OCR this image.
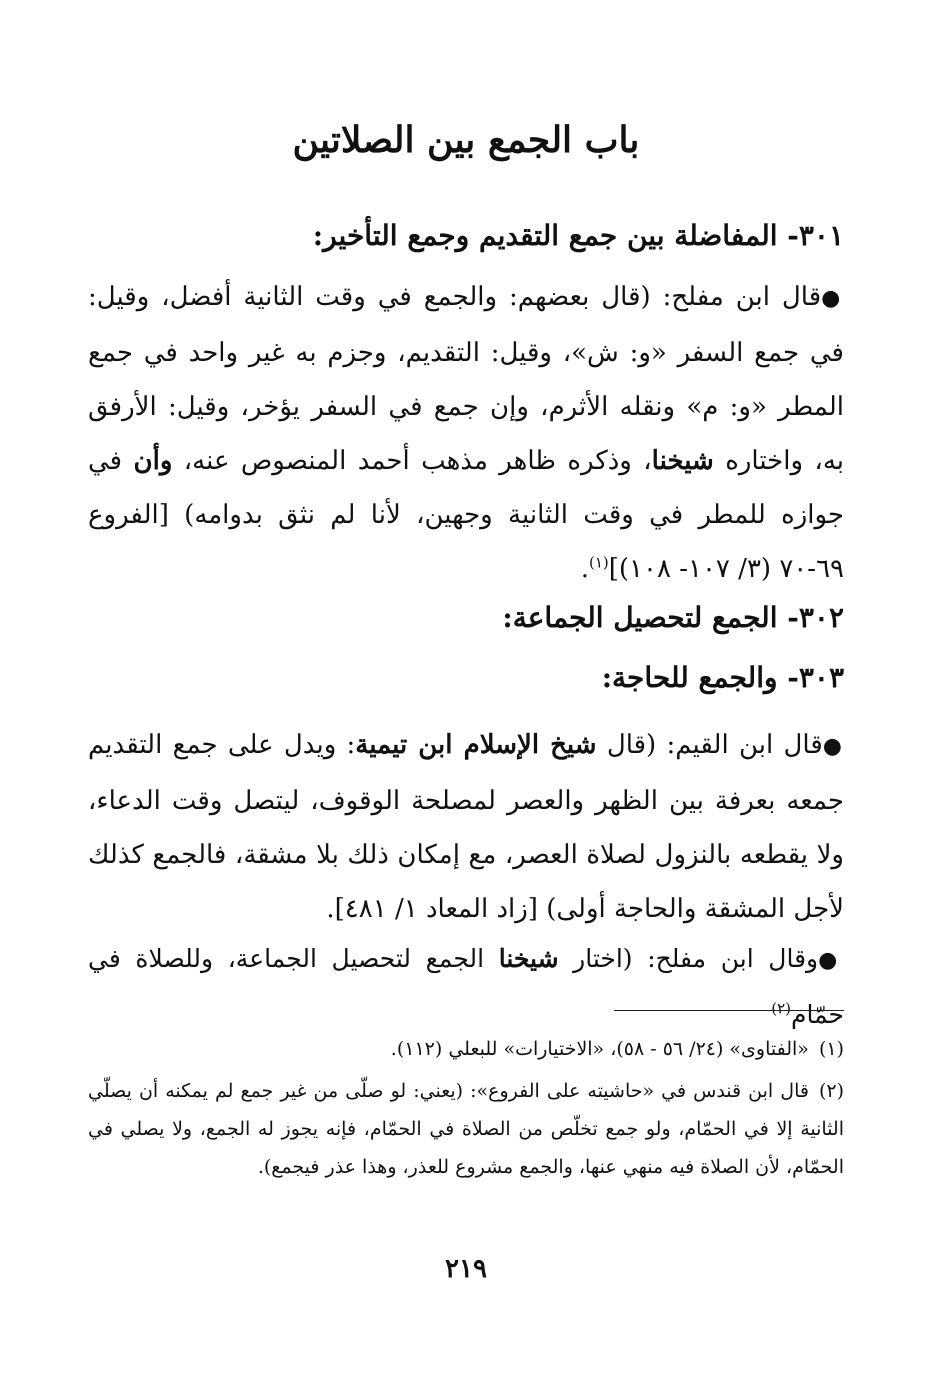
باب الجمع بين الصلاتين
٣٠١- المفاضلة بين جمع التقديم وجمع التأخير:

●قال ابن مفلح: (قال بعضهم: والجمع في وقت الثانية أفضل، وقيل: في جمع السفر «و: ش»، وقيل: التقديم، وجزم به غير واحد في جمع المطر «و: م» ونقله الأثرم، وإن جمع في السفر يؤخر، وقيل: الأرفق به، واختاره شيخنا، وذكره ظاهر مذهب أحمد المنصوص عنه، وأن في جوازه للمطر في وقت الثانية وجهين، لأنا لم نثق بدوامه) [الفروع ٦٩-٧٠ (٣/ ١٠٧- ١٠٨)]$^{(١)}$.

٣٠٢- الجمع لتحصيل الجماعة:
٣٠٣- والجمع للحاجة:

●قال ابن القيم: (قال شيخ الإسلام ابن تيمية: ويدل على جمع التقديم جمعه بعرفة بين الظهر والعصر لمصلحة الوقوف، ليتصل وقت الدعاء، ولا يقطعه بالنزول لصلاة العصر، مع إمكان ذلك بلا مشقة، فالجمع كذلك لأجل المشقة والحاجة أولى) [زاد المعاد ١/ ٤٨١].

●وقال ابن مفلح: (اختار شيخنا الجمع لتحصيل الجماعة، وللصلاة في حمّام$^{(٢)}$

(١)«الفتاوى» (٢٤/ ٥٦ - ٥٨)، «الاختيارات» للبعلي (١١٢).

(٢)قال ابن قندس في «حاشيته على الفروع»: (يعني: لو صلّى من غير جمع لم يمكنه أن يصلّي الثانية إلا في الحمّام، ولو جمع تخلّص من الصلاة في الحمّام، فإنه يجوز له الجمع، ولا يصلي في الحمّام، لأن الصلاة فيه منهي عنها، والجمع مشروع للعذر، وهذا عذر فيجمع).

٢١٩
